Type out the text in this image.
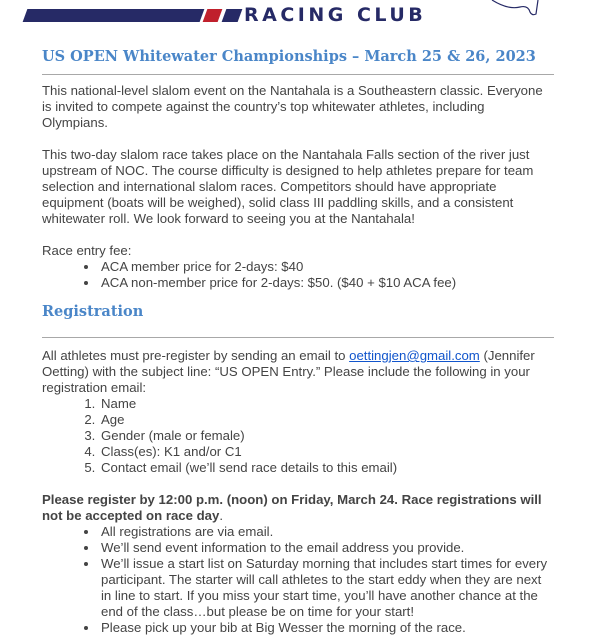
RACING CLUB
US OPEN Whitewater Championships – March 25 & 26, 2023

This national-level slalom event on the Nantahala is a Southeastern classic. Everyone is invited to compete against the country’s top whitewater athletes, including Olympians.

This two-day slalom race takes place on the Nantahala Falls section of the river just upstream of NOC. The course difficulty is designed to help athletes prepare for team selection and international slalom races. Competitors should have appropriate equipment (boats will be weighed), solid class III paddling skills, and a consistent whitewater roll. We look forward to seeing you at the Nantahala!

Race entry fee:

• ACA member price for 2-days: $40
• ACA non-member price for 2-days: $50. ($40 + $10 ACA fee)
Registration

All athletes must pre-register by sending an email to oettingjen@gmail.com (Jennifer Oetting) with the subject line: “US OPEN Entry.” Please include the following in your registration email:

1. Name
2. Age
3. Gender (male or female)
4. Class(es): K1 and/or C1
5. Contact email (we’ll send race details to this email)

Please register by 12:00 p.m. (noon) on Friday, March 24. Race registrations will not be accepted on race day.

• All registrations are via email.
• We’ll send event information to the email address you provide.
• We’ll issue a start list on Saturday morning that includes start times for every participant. The starter will call athletes to the start eddy when they are next in line to start. If you miss your start time, you’ll have another chance at the end of the class…but please be on time for your start!
• Please pick up your bib at Big Wesser the morning of the race.
